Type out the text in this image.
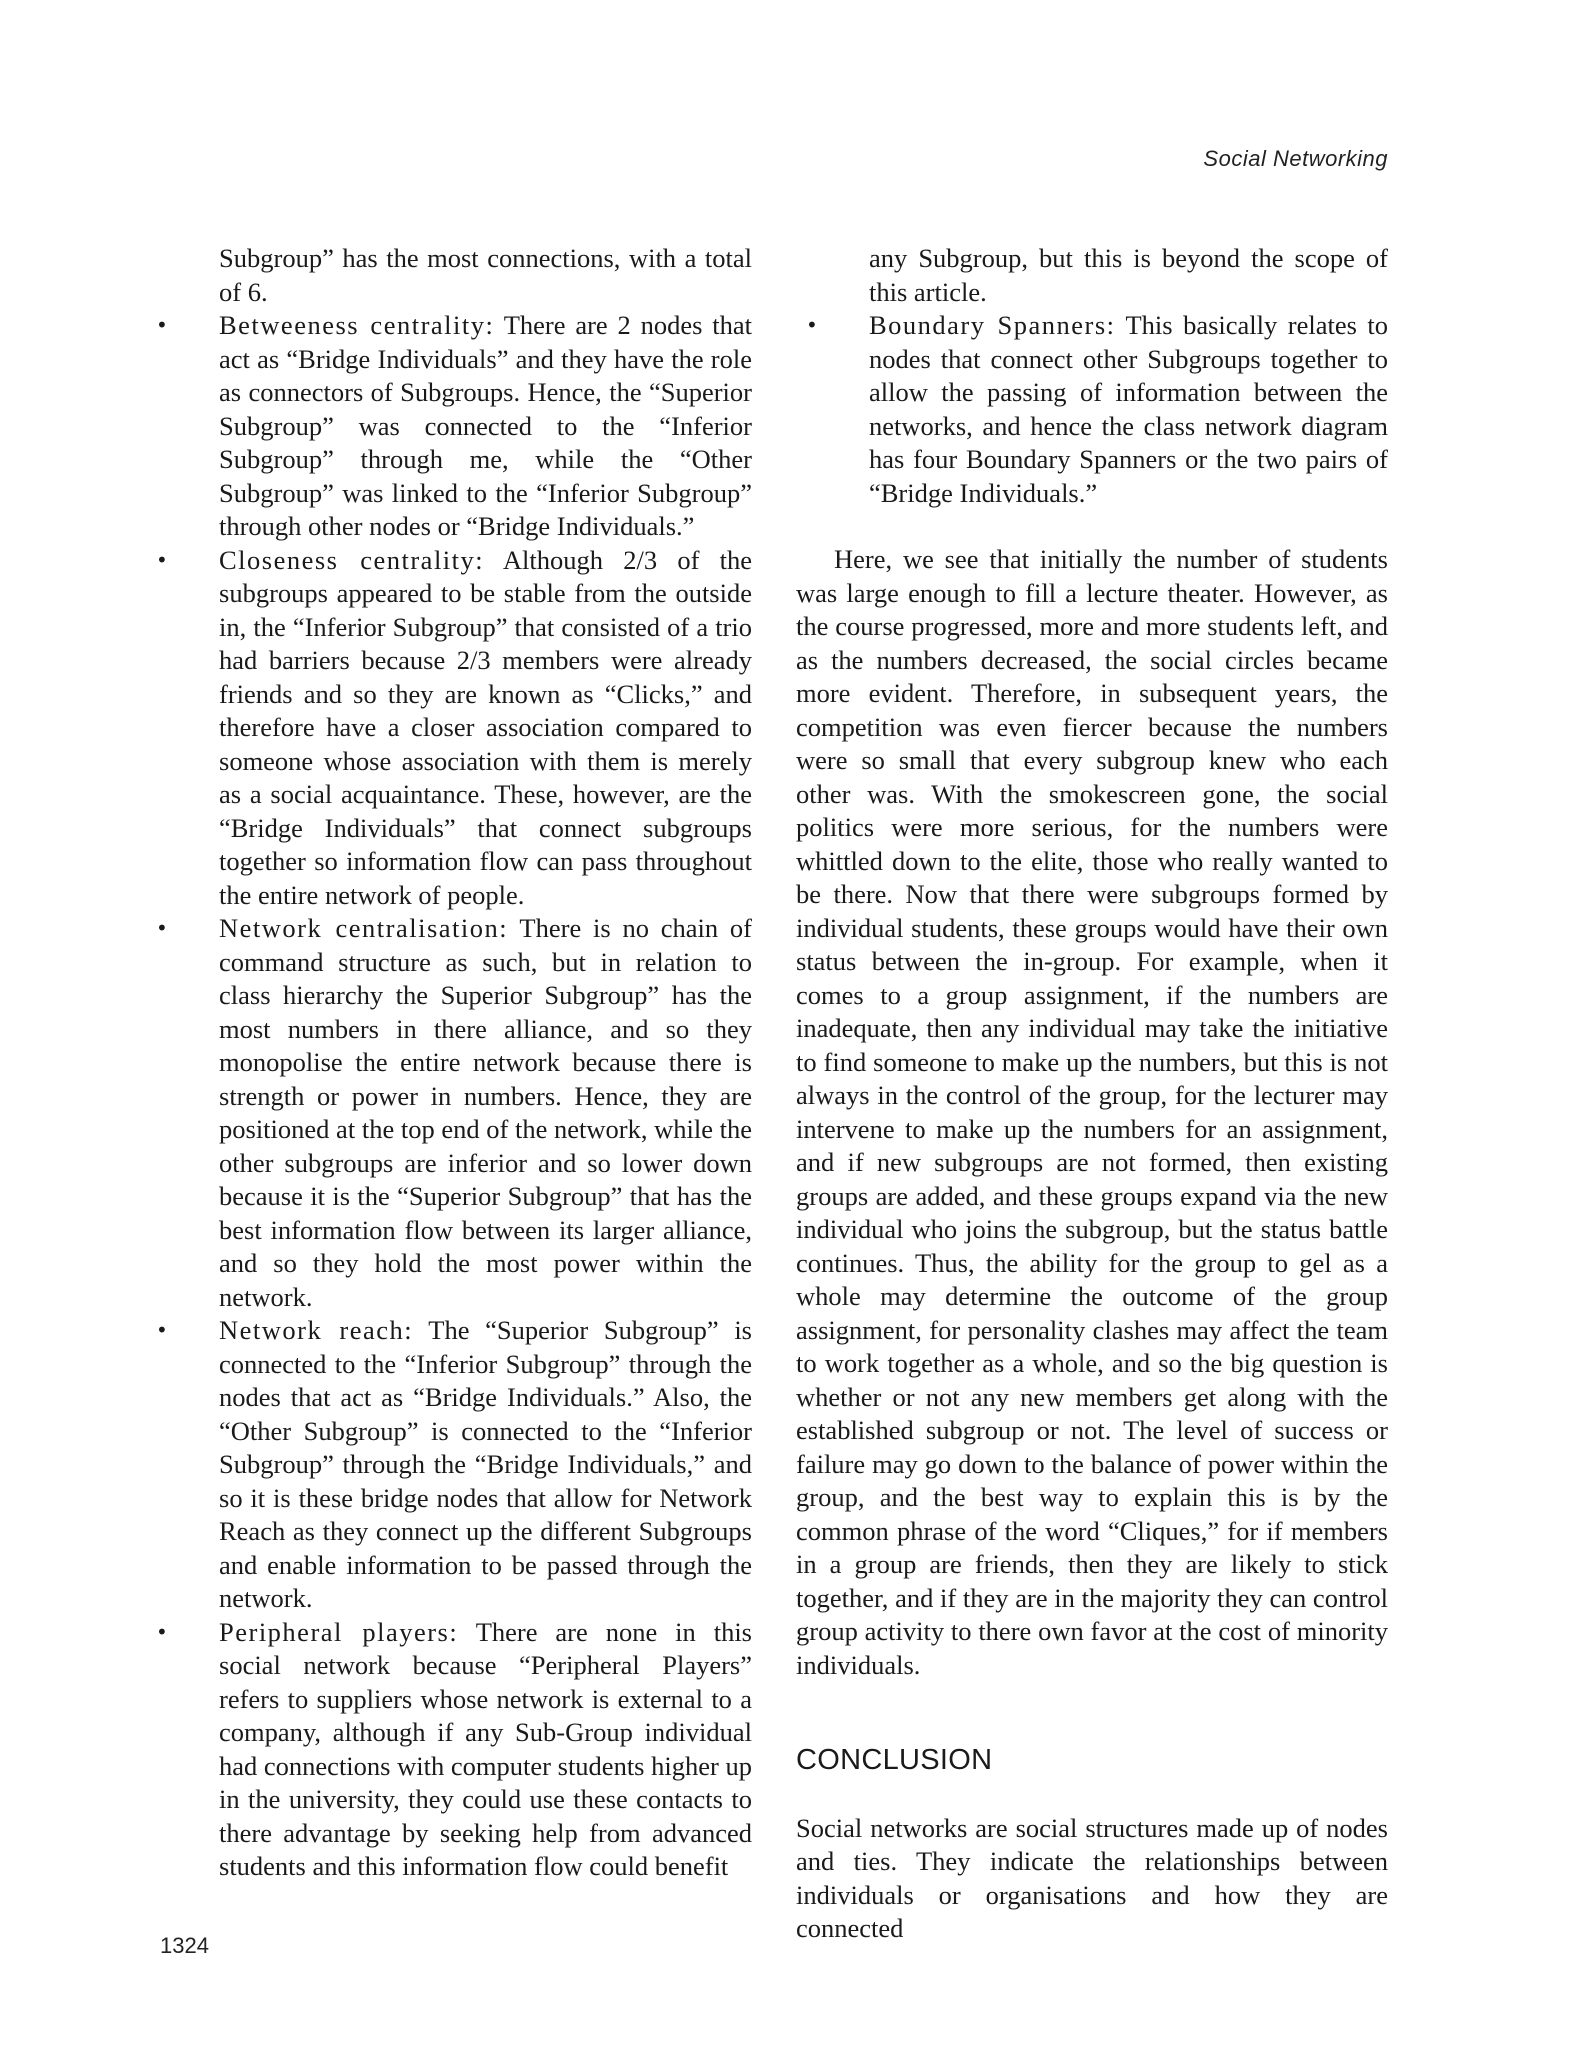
Social Networking

Subgroup” has the most connections, with a total of 6.

• Betweeness centrality: There are 2 nodes that act as “Bridge Individuals” and they have the role as connectors of Subgroups. Hence, the “Superior Subgroup” was connected to the “Inferior Subgroup” through me, while the “Other Subgroup” was linked to the “Inferior Subgroup” through other nodes or “Bridge Individuals.”
• Closeness centrality: Although 2/3 of the subgroups appeared to be stable from the outside in, the “Inferior Subgroup” that consisted of a trio had barriers because 2/3 members were already friends and so they are known as “Clicks,” and therefore have a closer association compared to someone whose association with them is merely as a social acquaintance. These, however, are the “Bridge Individuals” that connect subgroups together so information flow can pass throughout the entire network of people.
• Network centralisation: There is no chain of command structure as such, but in relation to class hierarchy the Superior Subgroup” has the most numbers in there alliance, and so they monopolise the entire network because there is strength or power in numbers. Hence, they are positioned at the top end of the network, while the other subgroups are inferior and so lower down because it is the “Superior Subgroup” that has the best information flow between its larger alliance, and so they hold the most power within the network.
• Network reach: The “Superior Subgroup” is connected to the “Inferior Subgroup” through the nodes that act as “Bridge Individuals.” Also, the “Other Subgroup” is connected to the “Inferior Subgroup” through the “Bridge Individuals,” and so it is these bridge nodes that allow for Network Reach as they connect up the different Subgroups and enable information to be passed through the network.
• Peripheral players: There are none in this social network because “Peripheral Players” refers to suppliers whose network is external to a company, although if any Sub-Group individual had connections with computer students higher up in the university, they could use these contacts to there advantage by seeking help from advanced students and this information flow could benefit

any Subgroup, but this is beyond the scope of this article.

• Boundary Spanners: This basically relates to nodes that connect other Subgroups together to allow the passing of information between the networks, and hence the class network diagram has four Boundary Spanners or the two pairs of “Bridge Individuals.”

Here, we see that initially the number of students was large enough to fill a lecture theater. However, as the course progressed, more and more students left, and as the numbers decreased, the social circles became more evident. Therefore, in subsequent years, the competition was even fiercer because the numbers were so small that every subgroup knew who each other was. With the smokescreen gone, the social politics were more serious, for the numbers were whittled down to the elite, those who really wanted to be there. Now that there were subgroups formed by individual students, these groups would have their own status between the in-group. For example, when it comes to a group assignment, if the numbers are inadequate, then any individual may take the initiative to find someone to make up the numbers, but this is not always in the control of the group, for the lecturer may intervene to make up the numbers for an assignment, and if new subgroups are not formed, then existing groups are added, and these groups expand via the new individual who joins the subgroup, but the status battle continues. Thus, the ability for the group to gel as a whole may determine the outcome of the group assignment, for personality clashes may affect the team to work together as a whole, and so the big question is whether or not any new members get along with the established subgroup or not. The level of success or failure may go down to the balance of power within the group, and the best way to explain this is by the common phrase of the word “Cliques,” for if members in a group are friends, then they are likely to stick together, and if they are in the majority they can control group activity to there own favor at the cost of minority individuals.

CONCLUSION

Social networks are social structures made up of nodes and ties. They indicate the relationships between individuals or organisations and how they are connected

1324
